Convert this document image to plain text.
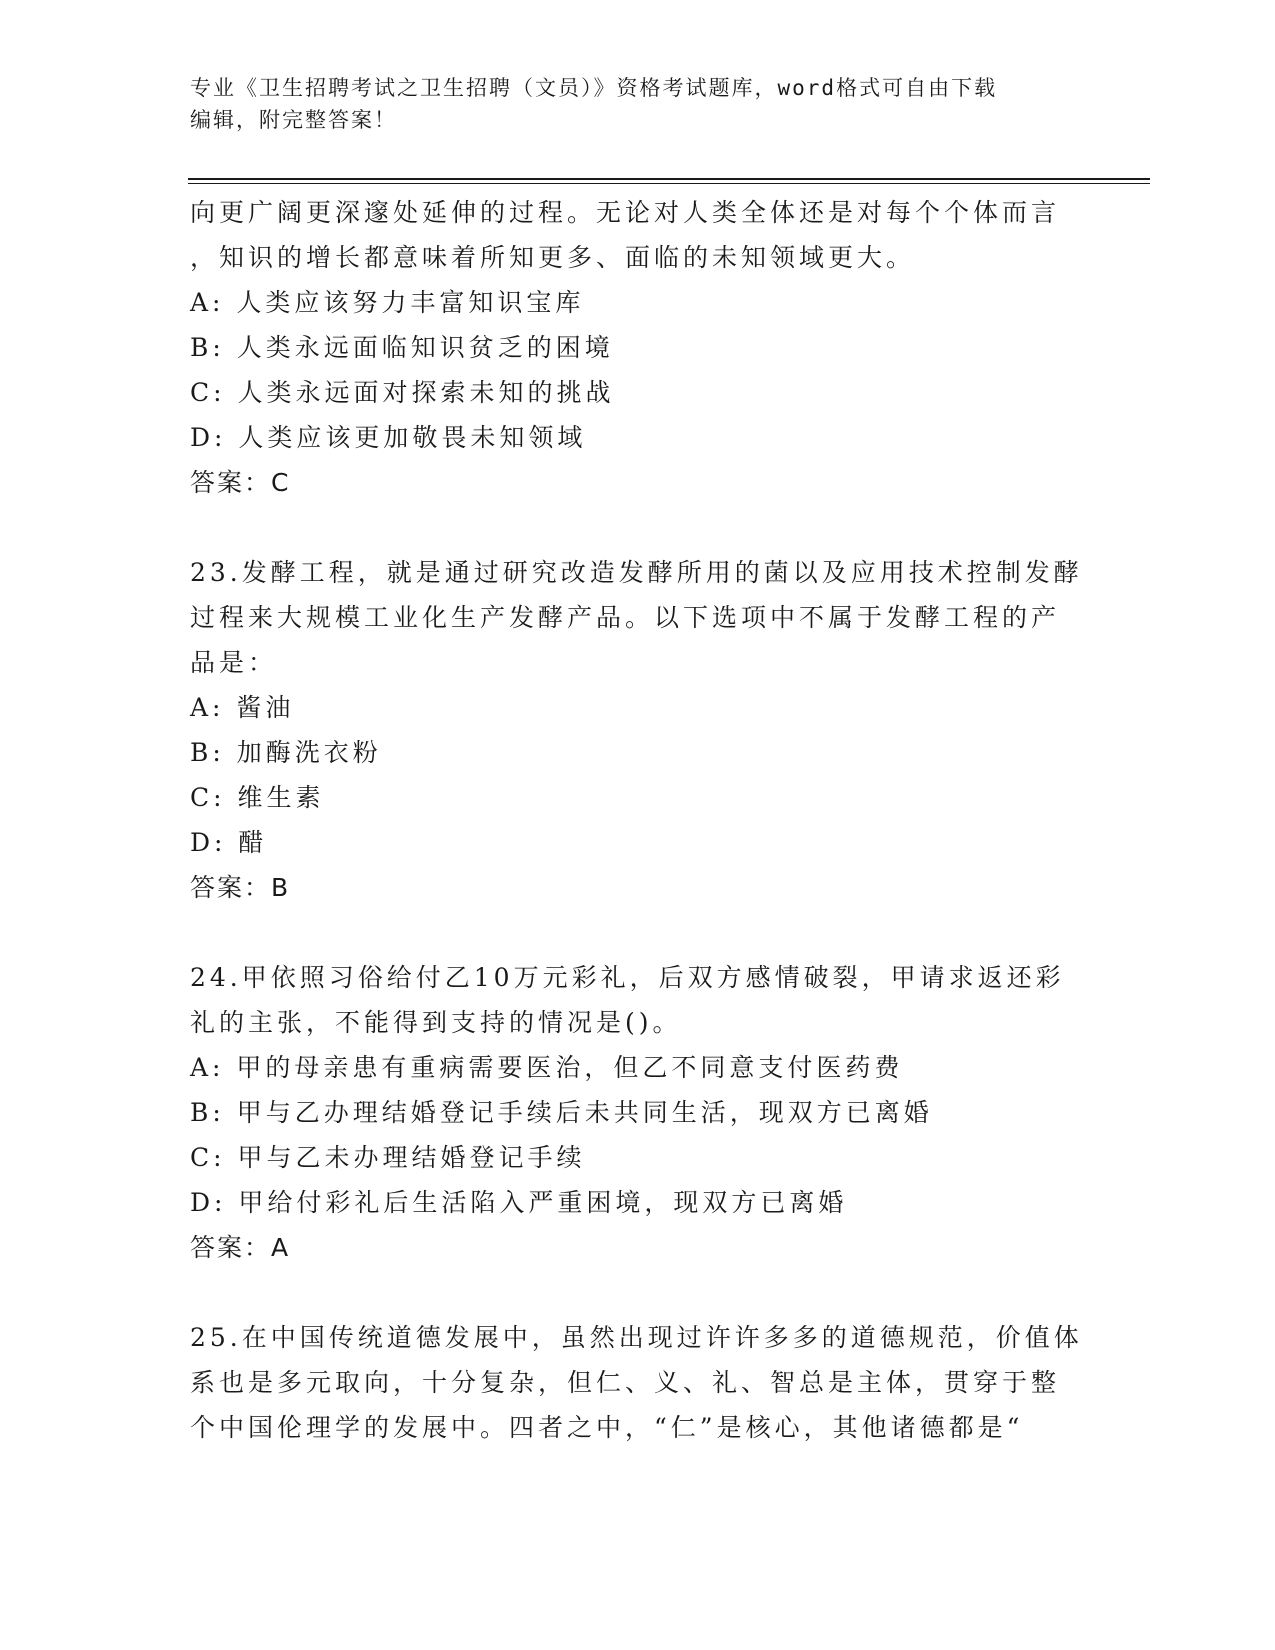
专业《卫生招聘考试之卫生招聘（文员）》资格考试题库，word格式可自由下载
编辑，附完整答案！
向更广阔更深邃处延伸的过程。无论对人类全体还是对每个个体而言
，知识的增长都意味着所知更多、面临的未知领域更大。
A: 人类应该努力丰富知识宝库
B: 人类永远面临知识贫乏的困境
C: 人类永远面对探索未知的挑战
D: 人类应该更加敬畏未知领域
答案：C
23.发酵工程，就是通过研究改造发酵所用的菌以及应用技术控制发酵
过程来大规模工业化生产发酵产品。以下选项中不属于发酵工程的产
品是：
A: 酱油
B: 加酶洗衣粉
C: 维生素
D: 醋
答案：B
24.甲依照习俗给付乙10万元彩礼，后双方感情破裂，甲请求返还彩
礼的主张，不能得到支持的情况是()。
A: 甲的母亲患有重病需要医治，但乙不同意支付医药费
B: 甲与乙办理结婚登记手续后未共同生活，现双方已离婚
C: 甲与乙未办理结婚登记手续
D: 甲给付彩礼后生活陷入严重困境，现双方已离婚
答案：A
25.在中国传统道德发展中，虽然出现过许许多多的道德规范，价值体
系也是多元取向，十分复杂，但仁、义、礼、智总是主体，贯穿于整
个中国伦理学的发展中。四者之中，“仁”是核心，其他诸德都是“
